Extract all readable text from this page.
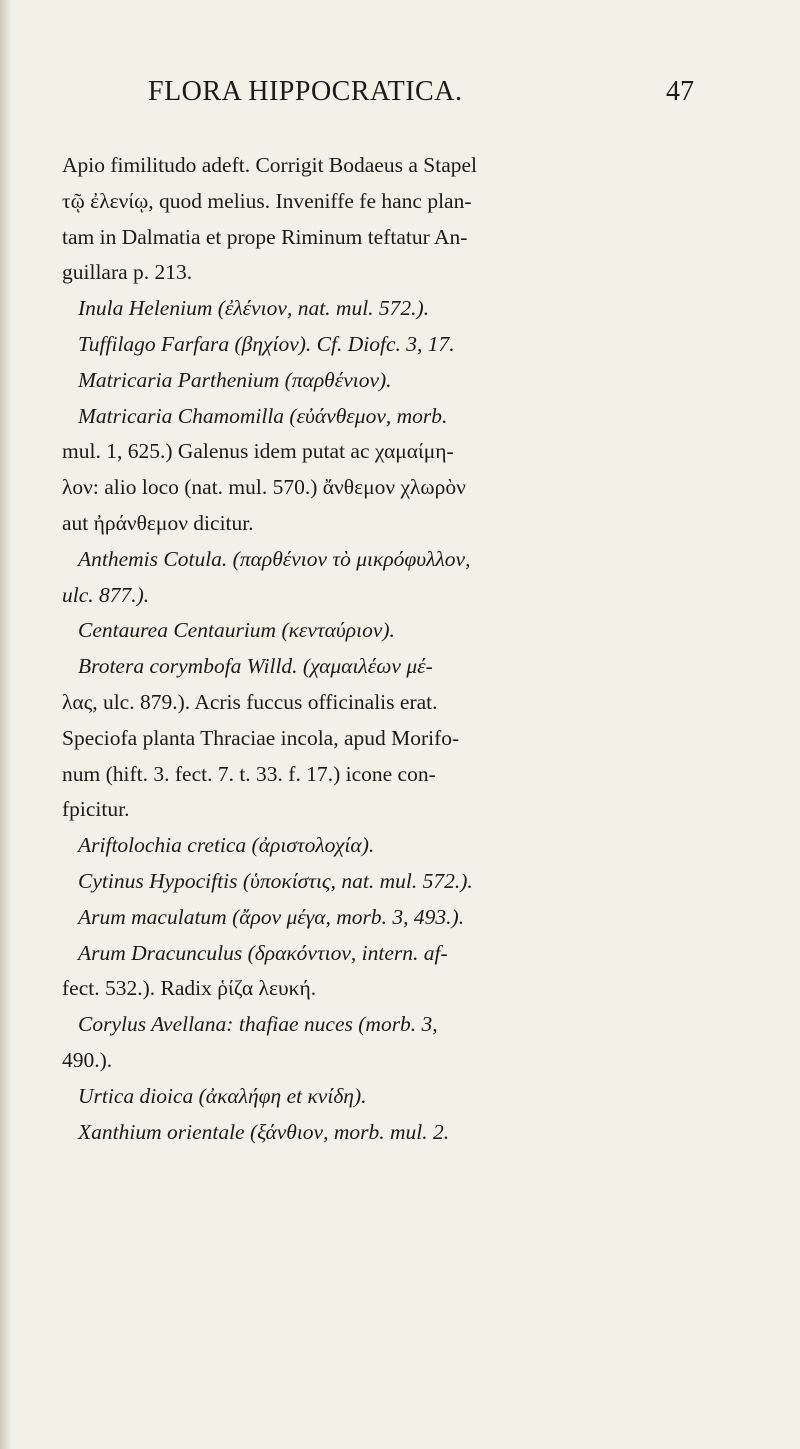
FLORA HIPPOCRATICA.	47
Apio fimilitudo adeft. Corrigit Bodaeus a Stapel
τῷ ἐλενίῳ, quod melius. Inveniffe fe hanc plan-
tam in Dalmatia et prope Riminum teftatur An-
guillara p. 213.
Inula Helenium (ἐλένιον, nat. mul. 572.).
Tuffilago Farfara (βηχίον). Cf. Diofc. 3, 17.
Matricaria Parthenium (παρθένιον).
Matricaria Chamomilla (εὐάνθεμον, morb.
mul. 1, 625.) Galenus idem putat ac χαμαίμη-
λον: alio loco (nat. mul. 570.) ἄνθεμον χλωρὸν
aut ἠράνθεμον dicitur.
Anthemis Cotula. (παρθένιον τὸ μικρόφυλλον,
ulc. 877.).
Centaurea Centaurium (κενταύριον).
Brotera corymbofa Willd. (χαμαιλέων μέ-
λας, ulc. 879.). Acris fuccus officinalis erat.
Speciofa planta Thraciae incola, apud Morifo-
num (hift. 3. fect. 7. t. 33. f. 17.) icone con-
fpicitur.
Ariftolochia cretica (ἀριστολοχία).
Cytinus Hypociftis (ὑποκίστις, nat. mul. 572.).
Arum maculatum (ἄρον μέγα, morb. 3, 493.).
Arum Dracunculus (δρακόντιον, intern. af-
fect. 532.). Radix ῥίζα λευκή.
Corylus Avellana: thafiae nuces (morb. 3,
490.).
Urtica dioica (ἀκαλήφη et κνίδη).
Xanthium orientale (ξάνθιον, morb. mul. 2.
